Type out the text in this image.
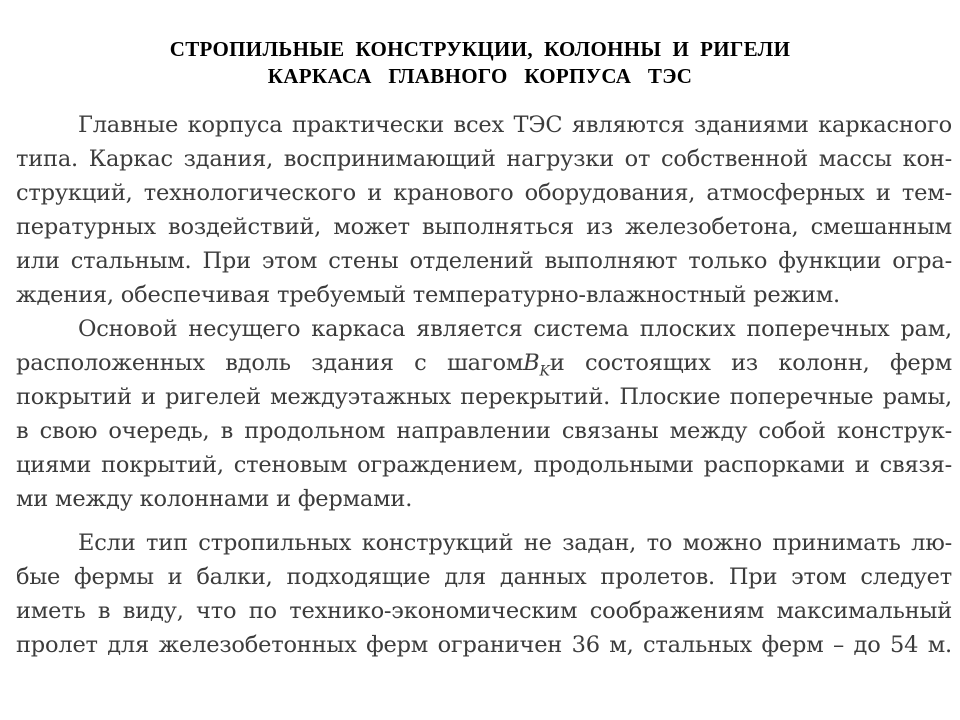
СТРОПИЛЬНЫЕ  КОНСТРУКЦИИ,  КОЛОННЫ  И  РИГЕЛИ
КАРКАСА   ГЛАВНОГО   КОРПУСА   ТЭС
Главные корпуса практически всех ТЭС являются зданиями каркасного
типа. Каркас здания, воспринимающий нагрузки от собственной массы кон-
струкций, технологического и кранового оборудования, атмосферных и тем-
пературных воздействий, может выполняться из железобетона, смешанным
или стальным. При этом стены отделений выполняют только функции огра-
ждения, обеспечивая требуемый температурно-влажностный режим.
Основой несущего каркаса является система плоских поперечных рам,
расположенных вдоль здания с шагомB$_K$и состоящих из колонн, ферм
покрытий и ригелей междуэтажных перекрытий. Плоские поперечные рамы,
в свою очередь, в продольном направлении связаны между собой конструк-
циями покрытий, стеновым ограждением, продольными распорками и связя-
ми между колоннами и фермами.
Если тип стропильных конструкций не задан, то можно принимать лю-
бые фермы и балки, подходящие для данных пролетов. При этом следует
иметь в виду, что по технико-экономическим соображениям максимальный
пролет для железобетонных ферм ограничен 36 м, стальных ферм – до 54 м.
